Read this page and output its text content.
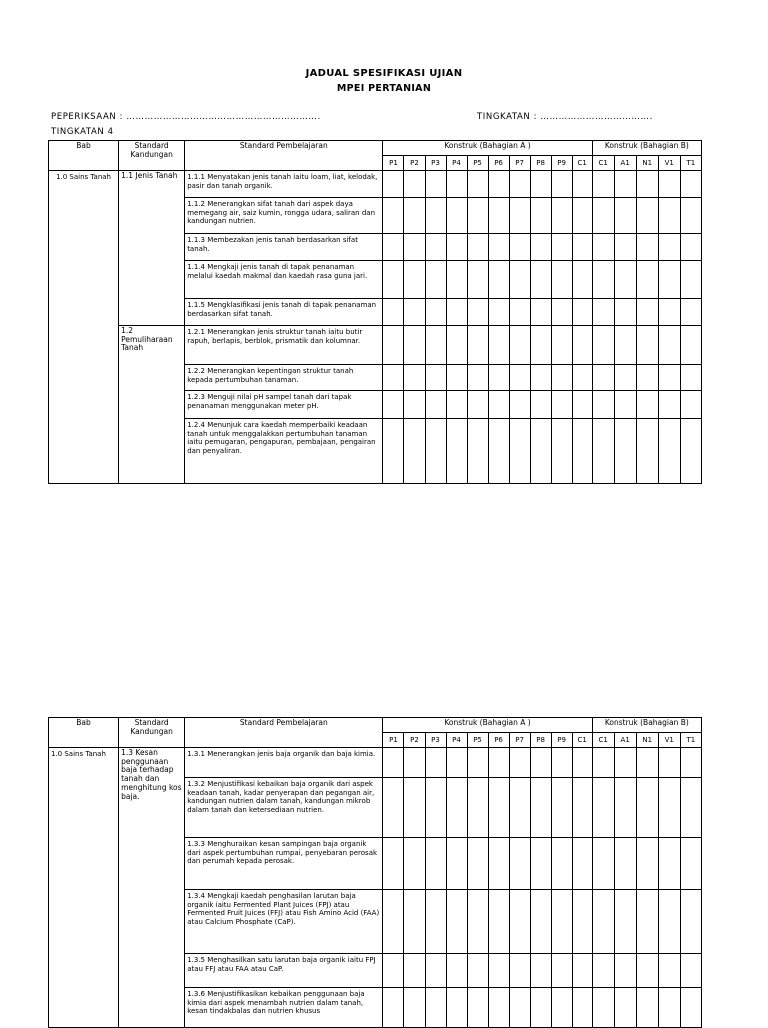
JADUAL SPESIFIKASI UJIAN
MPEI PERTANIAN
PEPERIKSAAN : ……………………………………………………….	TINGKATAN : ……………………………….
TINGKATAN 4
Bab	Standard Kandungan	Standard Pembelajaran	Konstruk (Bahagian A )										Konstruk (Bahagian B)				
			P1	P2	P3	P4	P5	P6	P7	P8	P9	C1	C1	A1	N1	V1	T1
1.0 Sains Tanah	1.1 Jenis Tanah	1.1.1 Menyatakan jenis tanah iaitu loam, liat, kelodak, pasir dan tanah organik.															
		1.1.2 Menerangkan sifat tanah dari aspek daya memegang air, saiz kumin, rongga udara, saliran dan kandungan nutrien.															
		1.1.3 Membezakan jenis tanah berdasarkan sifat tanah.															
		1.1.4 Mengkaji jenis tanah di tapak penanaman melalui kaedah makmal dan kaedah rasa guna jari.															
		1.1.5 Mengklasifikasi jenis tanah di tapak penanaman berdasarkan sifat tanah.															
	1.2 Pemuliharaan Tanah	1.2.1 Menerangkan jenis struktur tanah iaitu butir rapuh, berlapis, berblok, prismatik dan kolumnar.															
		1.2.2 Menerangkan kepentingan struktur tanah kepada pertumbuhan tanaman.															
		1.2.3 Menguji nilai pH sampel tanah dari tapak penanaman menggunakan meter pH.															
		1.2.4 Menunjuk cara kaedah memperbaiki keadaan tanah untuk menggalakkan pertumbuhan tanaman iaitu pemugaran, pengapuran, pembajaan, pengairan dan penyaliran.															
Bab	Standard Kandungan	Standard Pembelajaran	Konstruk (Bahagian A )										Konstruk (Bahagian B)				
			P1	P2	P3	P4	P5	P6	P7	P8	P9	C1	C1	A1	N1	V1	T1
1.0 Sains Tanah	1.3 Kesan penggunaan baja terhadap tanah dan menghitung kos baja.	1.3.1 Menerangkan jenis baja organik dan baja kimia.															
		1.3.2 Menjustifikasi kebaikan baja organik dari aspek keadaan tanah, kadar penyerapan dan pegangan air, kandungan nutrien dalam tanah, kandungan mikrob dalam tanah dan ketersediaan nutrien.															
		1.3.3 Menghuraikan kesan sampingan baja organik dari aspek pertumbuhan rumpai, penyebaran perosak dan perumah kepada perosak.															
		1.3.4 Mengkaji kaedah penghasilan larutan baja organik iaitu Fermented Plant Juices (FPJ) atau Fermented Fruit Juices (FFJ) atau Fish Amino Acid (FAA) atau Calcium Phosphate (CaP).															
		1.3.5 Menghasilkan satu larutan baja organik iaitu FPJ atau FFJ atau FAA atau CaP.															
		1.3.6 Menjustifikasikan kebaikan penggunaan baja kimia dari aspek menambah nutrien dalam tanah, kesan tindakbalas dan nutrien khusus															
